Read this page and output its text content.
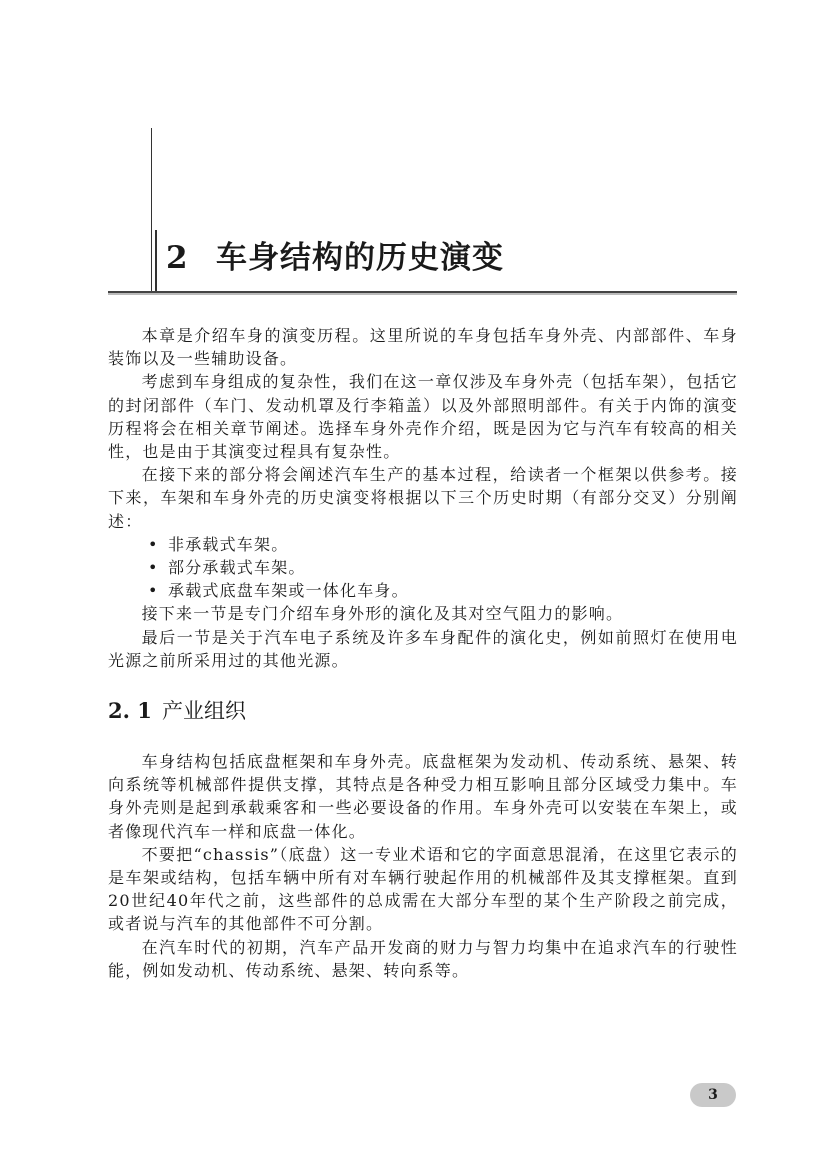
2 车身结构的历史演变

本章是介绍车身的演变历程。这里所说的车身包括车身外壳、内部部件、车身装饰以及一些辅助设备。

考虑到车身组成的复杂性，我们在这一章仅涉及车身外壳（包括车架），包括它的封闭部件（车门、发动机罩及行李箱盖）以及外部照明部件。有关于内饰的演变历程将会在相关章节阐述。选择车身外壳作介绍，既是因为它与汽车有较高的相关性，也是由于其演变过程具有复杂性。

在接下来的部分将会阐述汽车生产的基本过程，给读者一个框架以供参考。接下来，车架和车身外壳的历史演变将根据以下三个历史时期（有部分交叉）分别阐述：

• 非承载式车架。
• 部分承载式车架。
• 承载式底盘车架或一体化车身。

接下来一节是专门介绍车身外形的演化及其对空气阻力的影响。

最后一节是关于汽车电子系统及许多车身配件的演化史，例如前照灯在使用电光源之前所采用过的其他光源。

2. 1 产业组织

车身结构包括底盘框架和车身外壳。底盘框架为发动机、传动系统、悬架、转向系统等机械部件提供支撑，其特点是各种受力相互影响且部分区域受力集中。车身外壳则是起到承载乘客和一些必要设备的作用。车身外壳可以安装在车架上，或者像现代汽车一样和底盘一体化。

不要把“chassis”（底盘）这一专业术语和它的字面意思混淆，在这里它表示的是车架或结构，包括车辆中所有对车辆行驶起作用的机械部件及其支撑框架。直到20世纪40年代之前，这些部件的总成需在大部分车型的某个生产阶段之前完成，或者说与汽车的其他部件不可分割。

在汽车时代的初期，汽车产品开发商的财力与智力均集中在追求汽车的行驶性能，例如发动机、传动系统、悬架、转向系等。

3
